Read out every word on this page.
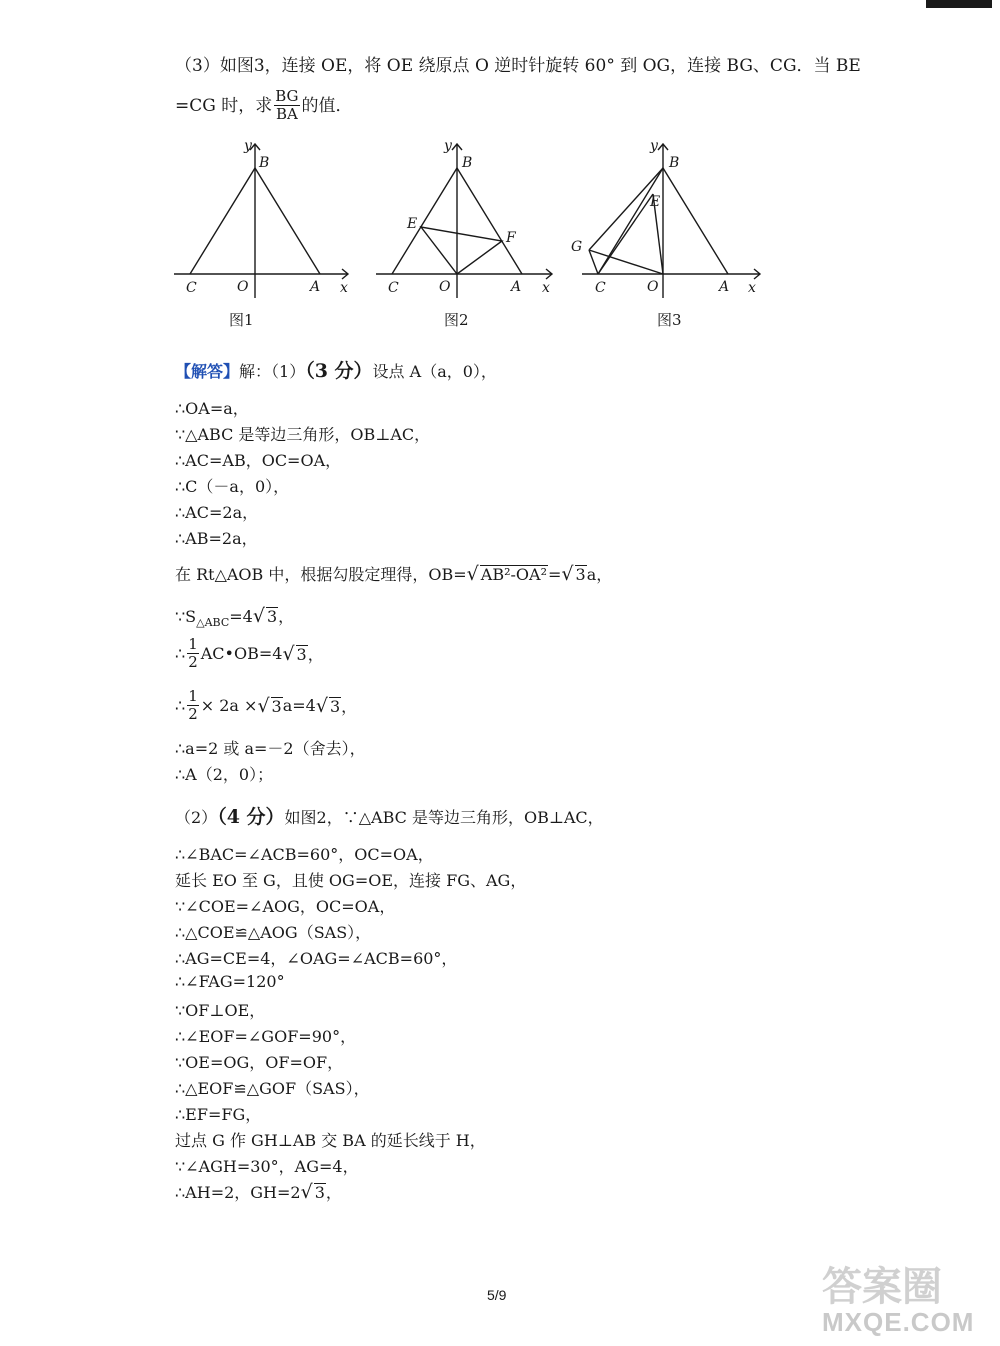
（3）如图3，连接 OE，将 OE 绕原点 O 逆时针旋转 60° 到 OG，连接 BG、CG．当 BE
=CG 时，求 $\frac{BG}{BA}$ 的值．
y
B
C	O	A x
y
B
E
F
C	O	A x
y
B
E
G
C	O	A x
图1	图2	图3
【解答】解：（1）（3 分）设点 A（a，0），
∴OA=a，
∵△ABC 是等边三角形，OB⊥AC，
∴AC=AB，OC=OA，
∴C（－a，0），
∴AC=2a，
∴AB=2a，
在 Rt△AOB 中，根据勾股定理得，OB=√ AB²-OA²=√ 3a，
$\because S_{\triangle ABC}=4√$ 3，
∴ $\frac{1}{2}$ AC•OB=4 √ 3 ，
∴ $\frac{1}{2} \times 2a$ × √ 3 a=4 √ 3 ，
∴a=2 或 a=－2（舍去），
∴A（2，0）；
（2）（4 分）如图2，∵△ABC 是等边三角形，OB⊥AC，
∴∠BAC=∠ACB=60°，OC=OA，
延长 EO 至 G，且使 OG=OE，连接 FG、AG，
∵∠COE=∠AOG，OC=OA，
∴△COE≌△AOG（SAS），
∴AG=CE=4，∠OAG=∠ACB=60°，
∴∠FAG=120°
∵OF⊥OE，
∴∠EOF=∠GOF=90°，
∵OE=OG，OF=OF，
∴△EOF≌△GOF（SAS），
∴EF=FG，
过点 G 作 GH⊥AB 交 BA 的延长线于 H，
∵∠AGH=30°，AG=4，
∴AH=2，GH=2√ 3，
5/9	答案圈
MXQE.COM
